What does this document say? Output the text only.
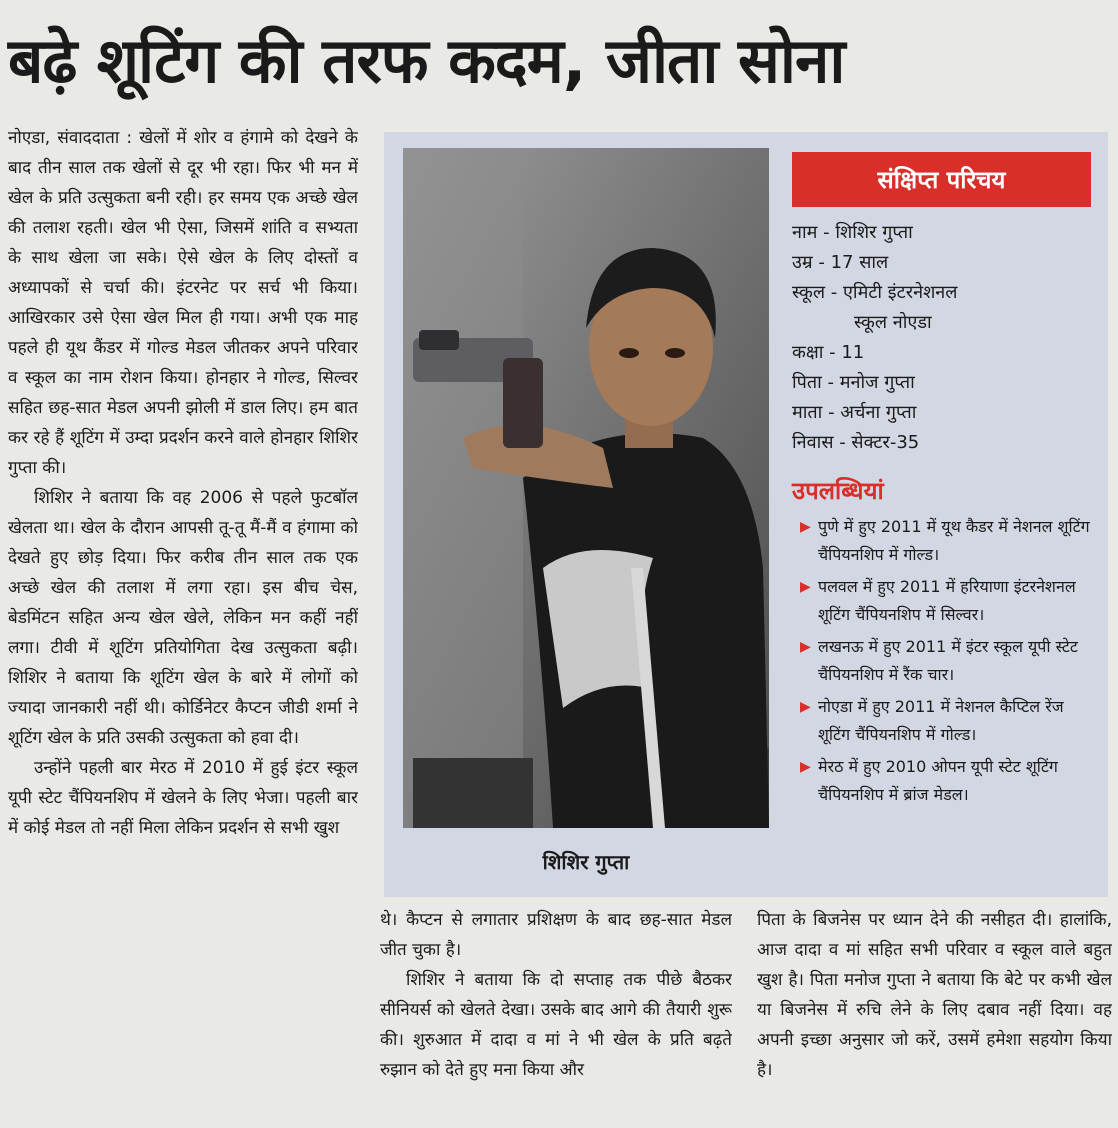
बढ़े शूटिंग की तरफ कदम, जीता सोना

नोएडा, संवाददाता : खेलों में शोर व हंगामे को देखने के बाद तीन साल तक खेलों से दूर भी रहा। फिर भी मन में खेल के प्रति उत्सुकता बनी रही। हर समय एक अच्छे खेल की तलाश रहती। खेल भी ऐसा, जिसमें शांति व सभ्यता के साथ खेला जा सके। ऐसे खेल के लिए दोस्तों व अध्यापकों से चर्चा की। इंटरनेट पर सर्च भी किया। आखिरकार उसे ऐसा खेल मिल ही गया। अभी एक माह पहले ही यूथ कैंडर में गोल्ड मेडल जीतकर अपने परिवार व स्कूल का नाम रोशन किया। होनहार ने गोल्ड, सिल्वर सहित छह-सात मेडल अपनी झोली में डाल लिए। हम बात कर रहे हैं शूटिंग में उम्दा प्रदर्शन करने वाले होनहार शिशिर गुप्ता की।

शिशिर ने बताया कि वह 2006 से पहले फुटबॉल खेलता था। खेल के दौरान आपसी तू-तू मैं-मैं व हंगामा को देखते हुए छोड़ दिया। फिर करीब तीन साल तक एक अच्छे खेल की तलाश में लगा रहा। इस बीच चेस, बेडमिंटन सहित अन्य खेल खेले, लेकिन मन कहीं नहीं लगा। टीवी में शूटिंग प्रतियोगिता देख उत्सुकता बढ़ी। शिशिर ने बताया कि शूटिंग खेल के बारे में लोगों को ज्यादा जानकारी नहीं थी। कोर्डिनेटर कैप्टन जीडी शर्मा ने शूटिंग खेल के प्रति उसकी उत्सुकता को हवा दी।

उन्होंने पहली बार मेरठ में 2010 में हुई इंटर स्कूल यूपी स्टेट चैंपियनशिप में खेलने के लिए भेजा। पहली बार में कोई मेडल तो नहीं मिला लेकिन प्रदर्शन से सभी खुश

शिशिर गुप्ता
संक्षिप्त परिचय
नाम - शिशिर गुप्ता
उम्र - 17 साल
स्कूल - एमिटी इंटरनेशनल
स्कूल नोएडा
कक्षा - 11
पिता - मनोज गुप्ता
माता - अर्चना गुप्ता
निवास - सेक्टर-35
उपलब्धियां
▶ पुणे में हुए 2011 में यूथ कैडर में नेशनल शूटिंग चैंपियनशिप में गोल्ड।
▶ पलवल में हुए 2011 में हरियाणा इंटरनेशनल शूटिंग चैंपियनशिप में सिल्वर।
▶ लखनऊ में हुए 2011 में इंटर स्कूल यूपी स्टेट चैंपियनशिप में रैंक चार।
▶ नोएडा में हुए 2011 में नेशनल कैप्टिल रेंज शूटिंग चैंपियनशिप में गोल्ड।
▶ मेरठ में हुए 2010 ओपन यूपी स्टेट शूटिंग चैंपियनशिप में ब्रांज मेडल।

थे। कैप्टन से लगातार प्रशिक्षण के बाद छह-सात मेडल जीत चुका है।

शिशिर ने बताया कि दो सप्ताह तक पीछे बैठकर सीनियर्स को खेलते देखा। उसके बाद आगे की तैयारी शुरू की। शुरुआत में दादा व मां ने भी खेल के प्रति बढ़ते रुझान को देते हुए मना किया और

पिता के बिजनेस पर ध्यान देने की नसीहत दी। हालांकि, आज दादा व मां सहित सभी परिवार व स्कूल वाले बहुत खुश है। पिता मनोज गुप्ता ने बताया कि बेटे पर कभी खेल या बिजनेस में रुचि लेने के लिए दबाव नहीं दिया। वह अपनी इच्छा अनुसार जो करें, उसमें हमेशा सहयोग किया है।
